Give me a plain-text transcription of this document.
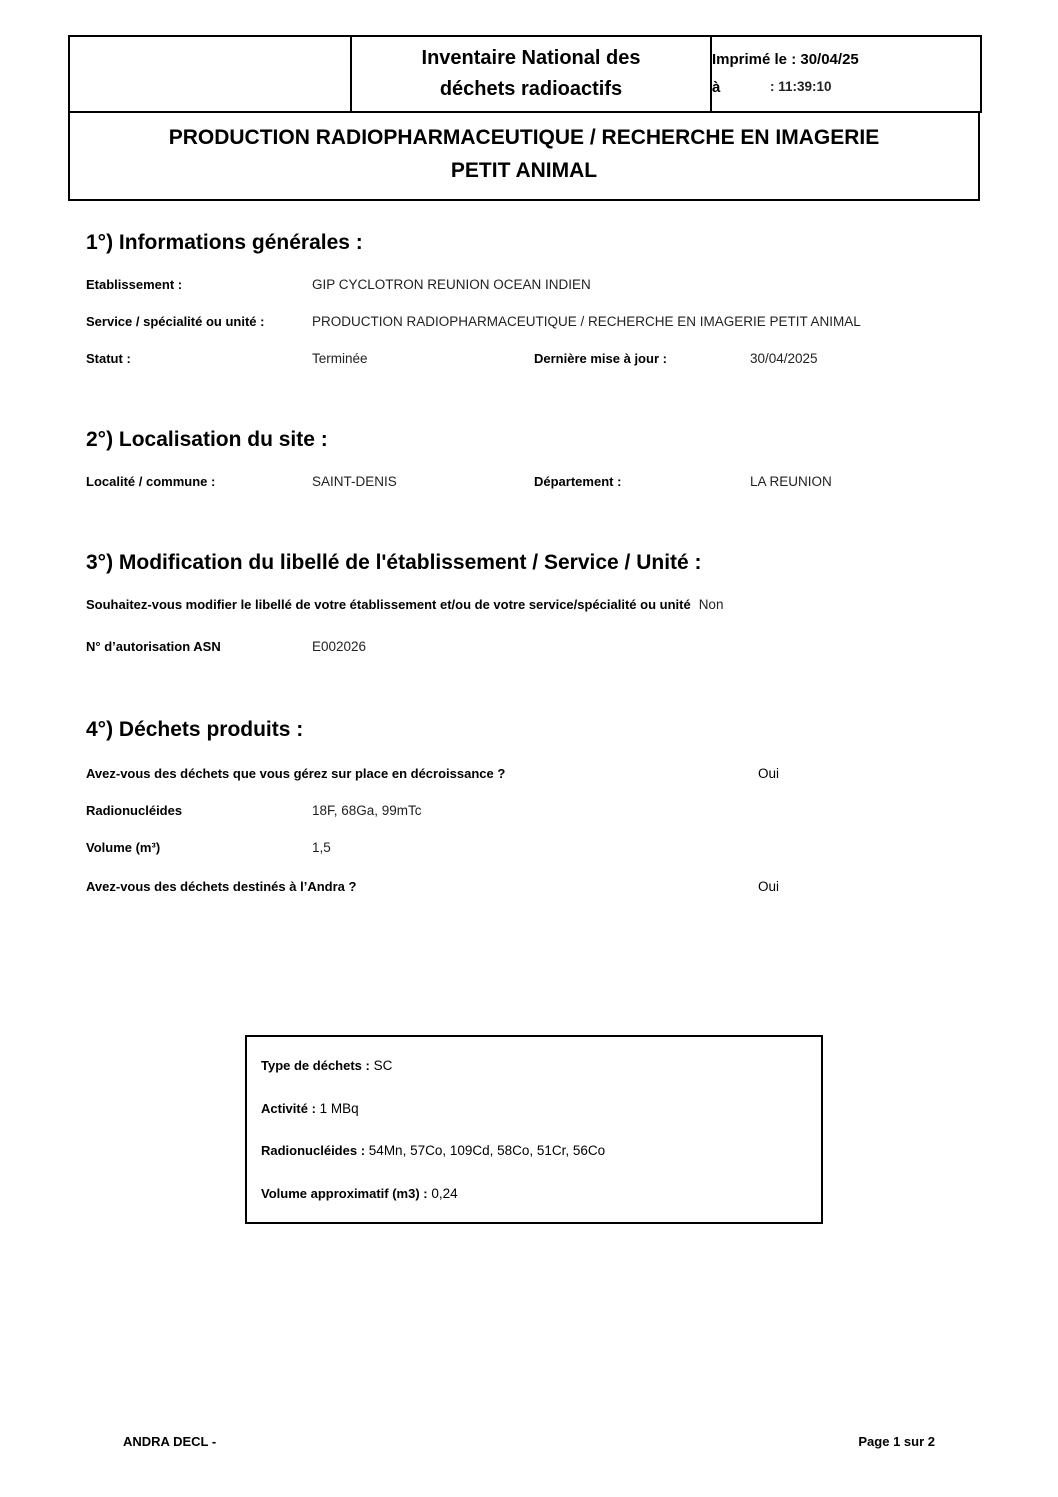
Inventaire National des
déchets radioactifs

Imprimé le : 30/04/25
à	: 11:39:10
PRODUCTION RADIOPHARMACEUTIQUE / RECHERCHE EN IMAGERIE
PETIT ANIMAL
1°) Informations générales :
Etablissement :	GIP CYCLOTRON REUNION OCEAN INDIEN
Service / spécialité ou unité :	PRODUCTION RADIOPHARMACEUTIQUE / RECHERCHE EN IMAGERIE PETIT ANIMAL
Statut :	Terminée	Dernière mise à jour :	30/04/2025
2°) Localisation du site :
Localité / commune :	SAINT-DENIS	Département :	LA REUNION
3°) Modification du libellé de l'établissement / Service / Unité :
Souhaitez-vous modifier le libellé de votre établissement et/ou de votre service/spécialité ou unité Non
N° d’autorisation ASN	E002026
4°) Déchets produits :
Avez-vous des déchets que vous gérez sur place en décroissance ?	Oui
Radionucléides	18F, 68Ga, 99mTc
Volume (m³)	1,5
Avez-vous des déchets destinés à l’Andra ?	Oui
Type de déchets : SC
Activité : 1 MBq
Radionucléides : 54Mn, 57Co, 109Cd, 58Co, 51Cr, 56Co
Volume approximatif (m3) : 0,24
ANDRA DECL -	Page 1 sur 2
